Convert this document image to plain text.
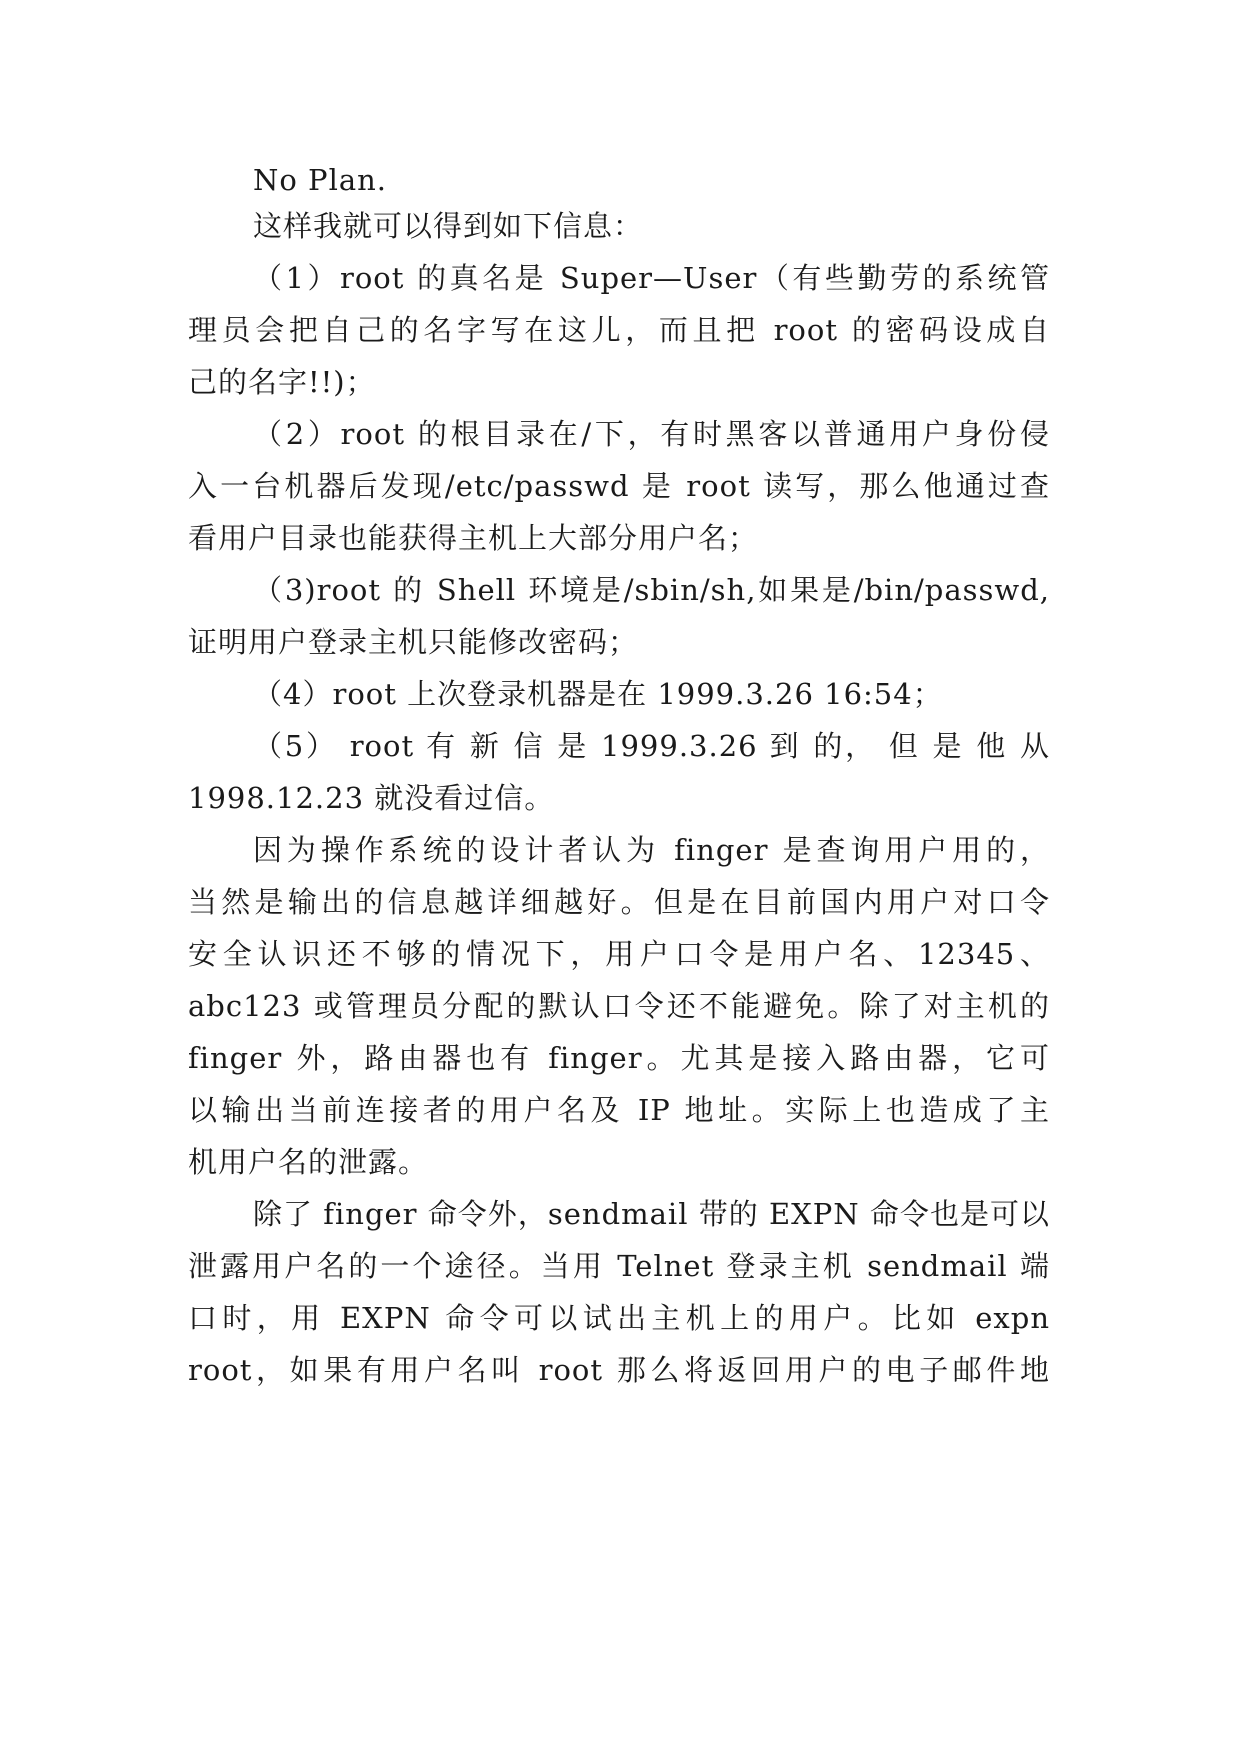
No Plan.
这样我就可以得到如下信息：
（1）root 的真名是 Super—User（有些勤劳的系统管
理员会把自己的名字写在这儿，而且把 root 的密码设成自
己的名字!!)；
（2）root 的根目录在/下，有时黑客以普通用户身份侵
入一台机器后发现/etc/passwd 是 root 读写，那么他通过查
看用户目录也能获得主机上大部分用户名；
（3)root 的 Shell 环境是/sbin/sh,如果是/bin/passwd,
证明用户登录主机只能修改密码；
（4）root 上次登录机器是在 1999.3.26 16:54；
（5） root 有 新 信 是 1999.3.26 到 的， 但 是 他 从
1998.12.23 就没看过信。
因为操作系统的设计者认为 finger 是查询用户用的，
当然是输出的信息越详细越好。但是在目前国内用户对口令
安全认识还不够的情况下，用户口令是用户名、12345、
abc123 或管理员分配的默认口令还不能避免。除了对主机的
finger 外，路由器也有 finger。尤其是接入路由器，它可
以输出当前连接者的用户名及 IP 地址。实际上也造成了主
机用户名的泄露。
除了 finger 命令外，sendmail 带的 EXPN 命令也是可以
泄露用户名的一个途径。当用 Telnet 登录主机 sendmail 端
口时，用 EXPN 命令可以试出主机上的用户。比如 expn
root，如果有用户名叫 root 那么将返回用户的电子邮件地
